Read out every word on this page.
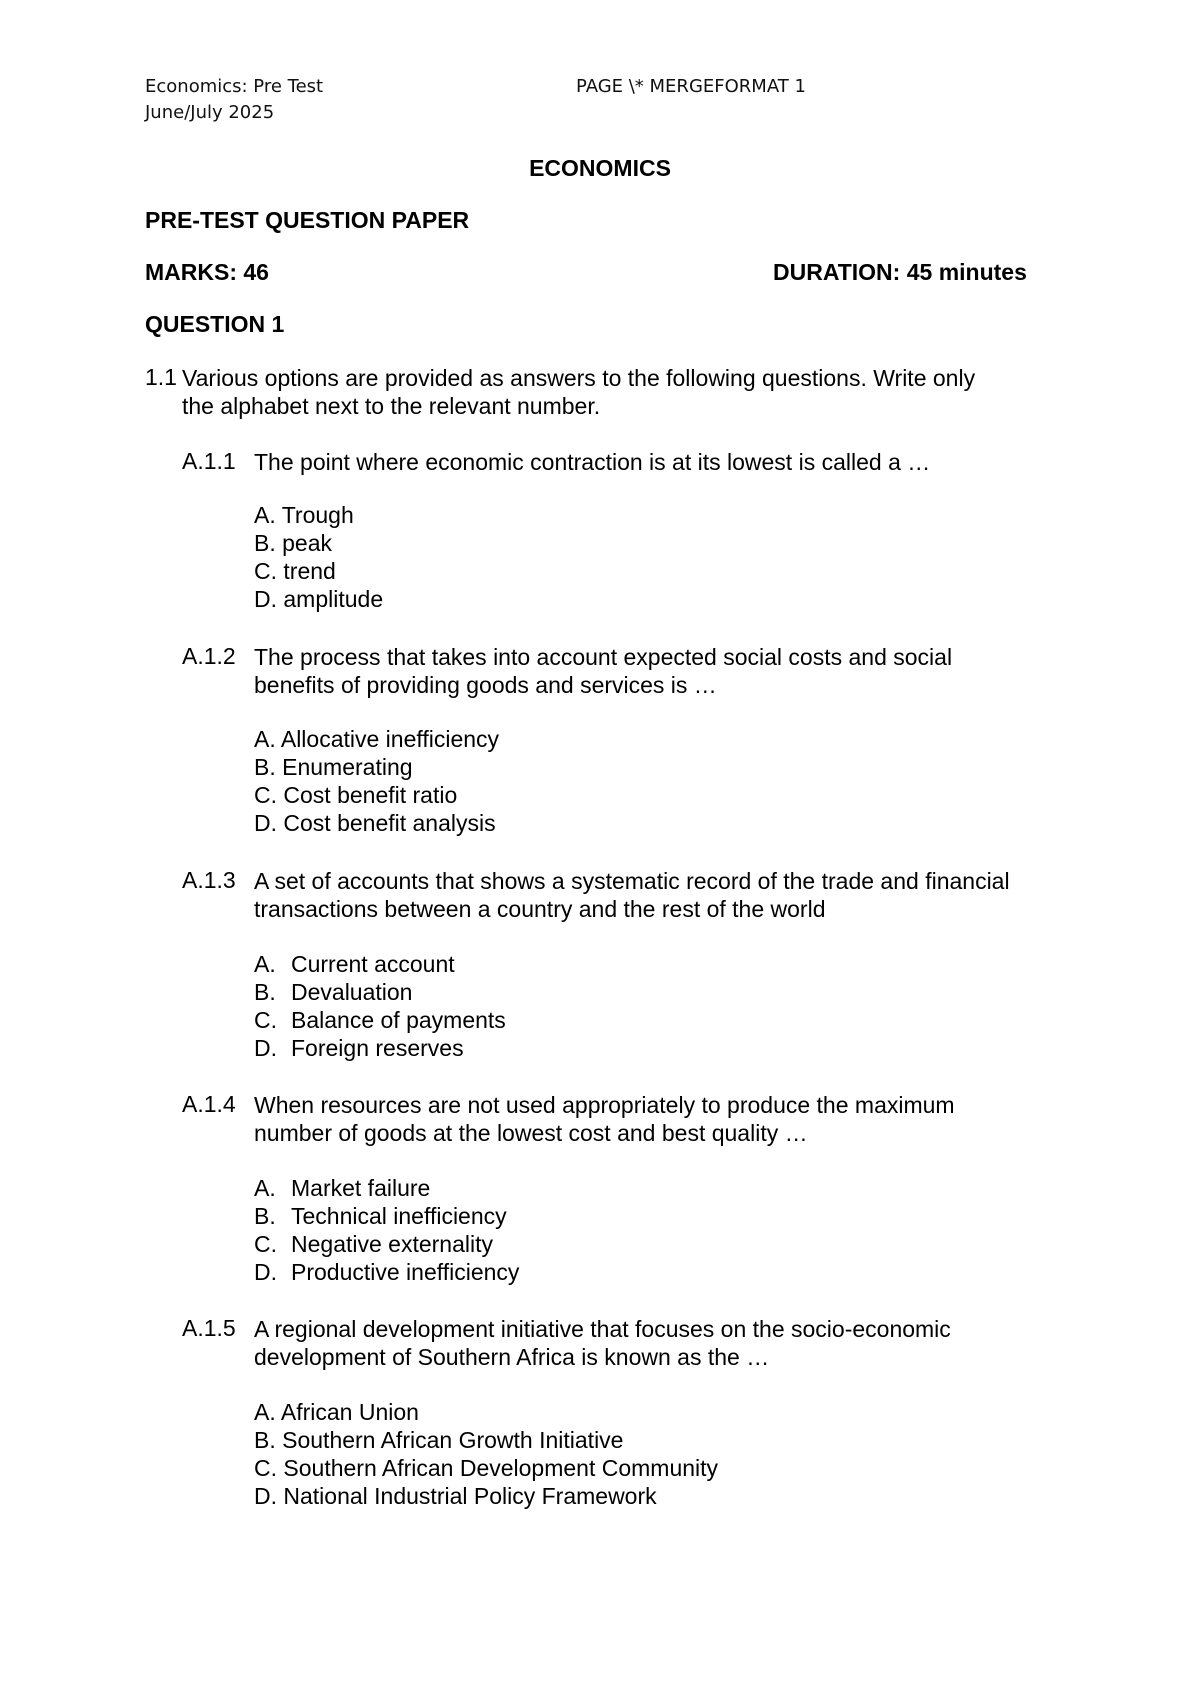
Economics: Pre Test
June/July 2025
PAGE \* MERGEFORMAT 1
ECONOMICS
PRE-TEST QUESTION PAPER
MARKS: 46	DURATION: 45 minutes
QUESTION 1
1.1 Various options are provided as answers to the following questions. Write only
the alphabet next to the relevant number.
A.1.1 The point where economic contraction is at its lowest is called a …
A. Trough
B. peak
C. trend
D. amplitude
A.1.2 The process that takes into account expected social costs and social
benefits of providing goods and services is …
A. Allocative inefficiency
B. Enumerating
C. Cost benefit ratio
D. Cost benefit analysis
A.1.3 A set of accounts that shows a systematic record of the trade and financial
transactions between a country and the rest of the world
A. Current account
B. Devaluation
C. Balance of payments
D. Foreign reserves
A.1.4 When resources are not used appropriately to produce the maximum
number of goods at the lowest cost and best quality …
A. Market failure
B. Technical inefficiency
C. Negative externality
D. Productive inefficiency
A.1.5 A regional development initiative that focuses on the socio-economic
development of Southern Africa is known as the …
A. African Union
B. Southern African Growth Initiative
C. Southern African Development Community
D. National Industrial Policy Framework
